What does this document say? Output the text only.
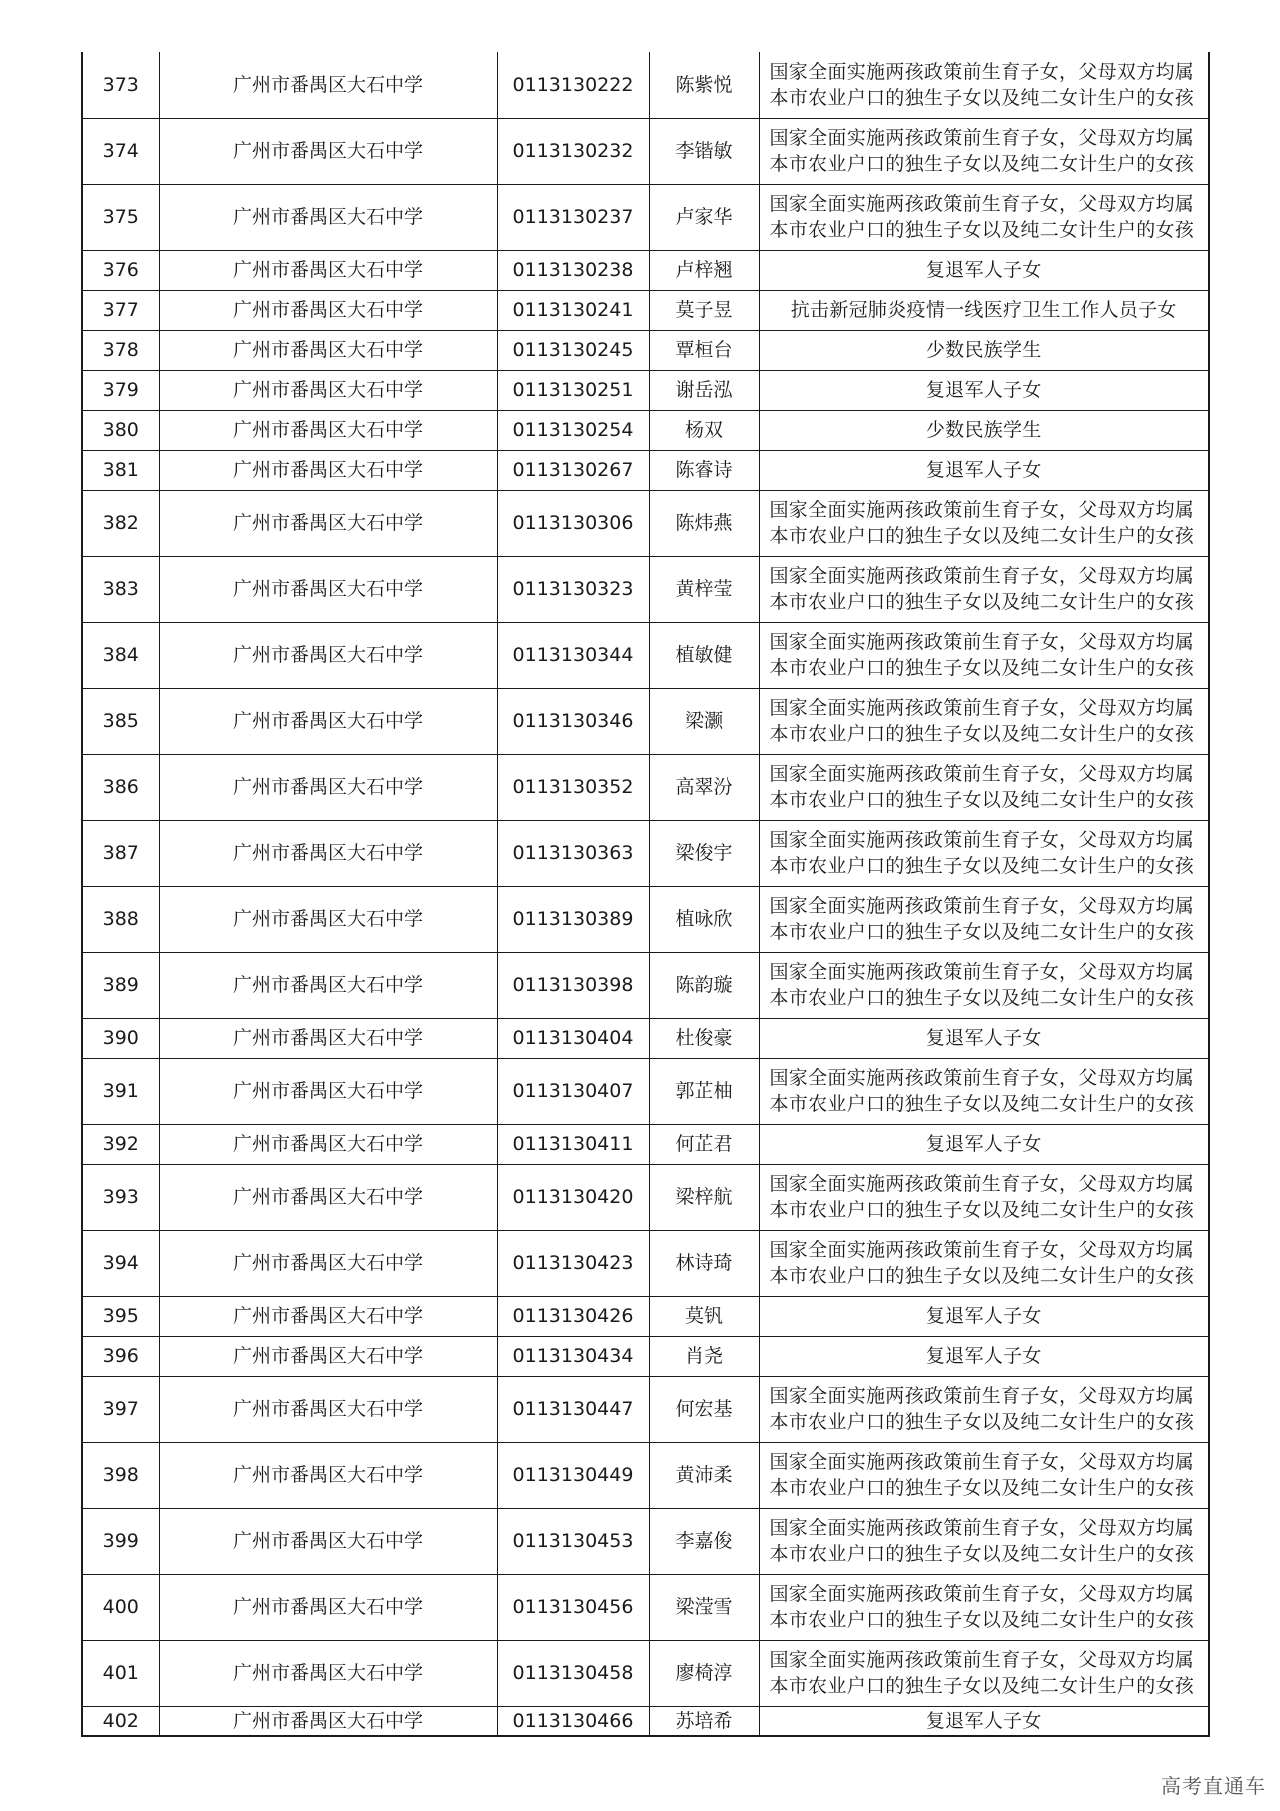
373	广州市番禺区大石中学	0113130222	陈紫悦	国家全面实施两孩政策前生育子女，父母双方均属本市农业户口的独生子女以及纯二女计生户的女孩
374	广州市番禺区大石中学	0113130232	李锴敏	国家全面实施两孩政策前生育子女，父母双方均属本市农业户口的独生子女以及纯二女计生户的女孩
375	广州市番禺区大石中学	0113130237	卢家华	国家全面实施两孩政策前生育子女，父母双方均属本市农业户口的独生子女以及纯二女计生户的女孩
376	广州市番禺区大石中学	0113130238	卢梓翘	复退军人子女
377	广州市番禺区大石中学	0113130241	莫子昱	抗击新冠肺炎疫情一线医疗卫生工作人员子女
378	广州市番禺区大石中学	0113130245	覃桓台	少数民族学生
379	广州市番禺区大石中学	0113130251	谢岳泓	复退军人子女
380	广州市番禺区大石中学	0113130254	杨双	少数民族学生
381	广州市番禺区大石中学	0113130267	陈睿诗	复退军人子女
382	广州市番禺区大石中学	0113130306	陈炜燕	国家全面实施两孩政策前生育子女，父母双方均属本市农业户口的独生子女以及纯二女计生户的女孩
383	广州市番禺区大石中学	0113130323	黄梓莹	国家全面实施两孩政策前生育子女，父母双方均属本市农业户口的独生子女以及纯二女计生户的女孩
384	广州市番禺区大石中学	0113130344	植敏健	国家全面实施两孩政策前生育子女，父母双方均属本市农业户口的独生子女以及纯二女计生户的女孩
385	广州市番禺区大石中学	0113130346	梁灏	国家全面实施两孩政策前生育子女，父母双方均属本市农业户口的独生子女以及纯二女计生户的女孩
386	广州市番禺区大石中学	0113130352	高翠汾	国家全面实施两孩政策前生育子女，父母双方均属本市农业户口的独生子女以及纯二女计生户的女孩
387	广州市番禺区大石中学	0113130363	梁俊宇	国家全面实施两孩政策前生育子女，父母双方均属本市农业户口的独生子女以及纯二女计生户的女孩
388	广州市番禺区大石中学	0113130389	植咏欣	国家全面实施两孩政策前生育子女，父母双方均属本市农业户口的独生子女以及纯二女计生户的女孩
389	广州市番禺区大石中学	0113130398	陈韵璇	国家全面实施两孩政策前生育子女，父母双方均属本市农业户口的独生子女以及纯二女计生户的女孩
390	广州市番禺区大石中学	0113130404	杜俊豪	复退军人子女
391	广州市番禺区大石中学	0113130407	郭芷柚	国家全面实施两孩政策前生育子女，父母双方均属本市农业户口的独生子女以及纯二女计生户的女孩
392	广州市番禺区大石中学	0113130411	何芷君	复退军人子女
393	广州市番禺区大石中学	0113130420	梁梓航	国家全面实施两孩政策前生育子女，父母双方均属本市农业户口的独生子女以及纯二女计生户的女孩
394	广州市番禺区大石中学	0113130423	林诗琦	国家全面实施两孩政策前生育子女，父母双方均属本市农业户口的独生子女以及纯二女计生户的女孩
395	广州市番禺区大石中学	0113130426	莫钒	复退军人子女
396	广州市番禺区大石中学	0113130434	肖尧	复退军人子女
397	广州市番禺区大石中学	0113130447	何宏基	国家全面实施两孩政策前生育子女，父母双方均属本市农业户口的独生子女以及纯二女计生户的女孩
398	广州市番禺区大石中学	0113130449	黄沛柔	国家全面实施两孩政策前生育子女，父母双方均属本市农业户口的独生子女以及纯二女计生户的女孩
399	广州市番禺区大石中学	0113130453	李嘉俊	国家全面实施两孩政策前生育子女，父母双方均属本市农业户口的独生子女以及纯二女计生户的女孩
400	广州市番禺区大石中学	0113130456	梁滢雪	国家全面实施两孩政策前生育子女，父母双方均属本市农业户口的独生子女以及纯二女计生户的女孩
401	广州市番禺区大石中学	0113130458	廖椅淳	国家全面实施两孩政策前生育子女，父母双方均属本市农业户口的独生子女以及纯二女计生户的女孩
402	广州市番禺区大石中学	0113130466	苏培希	复退军人子女
高考直通车
